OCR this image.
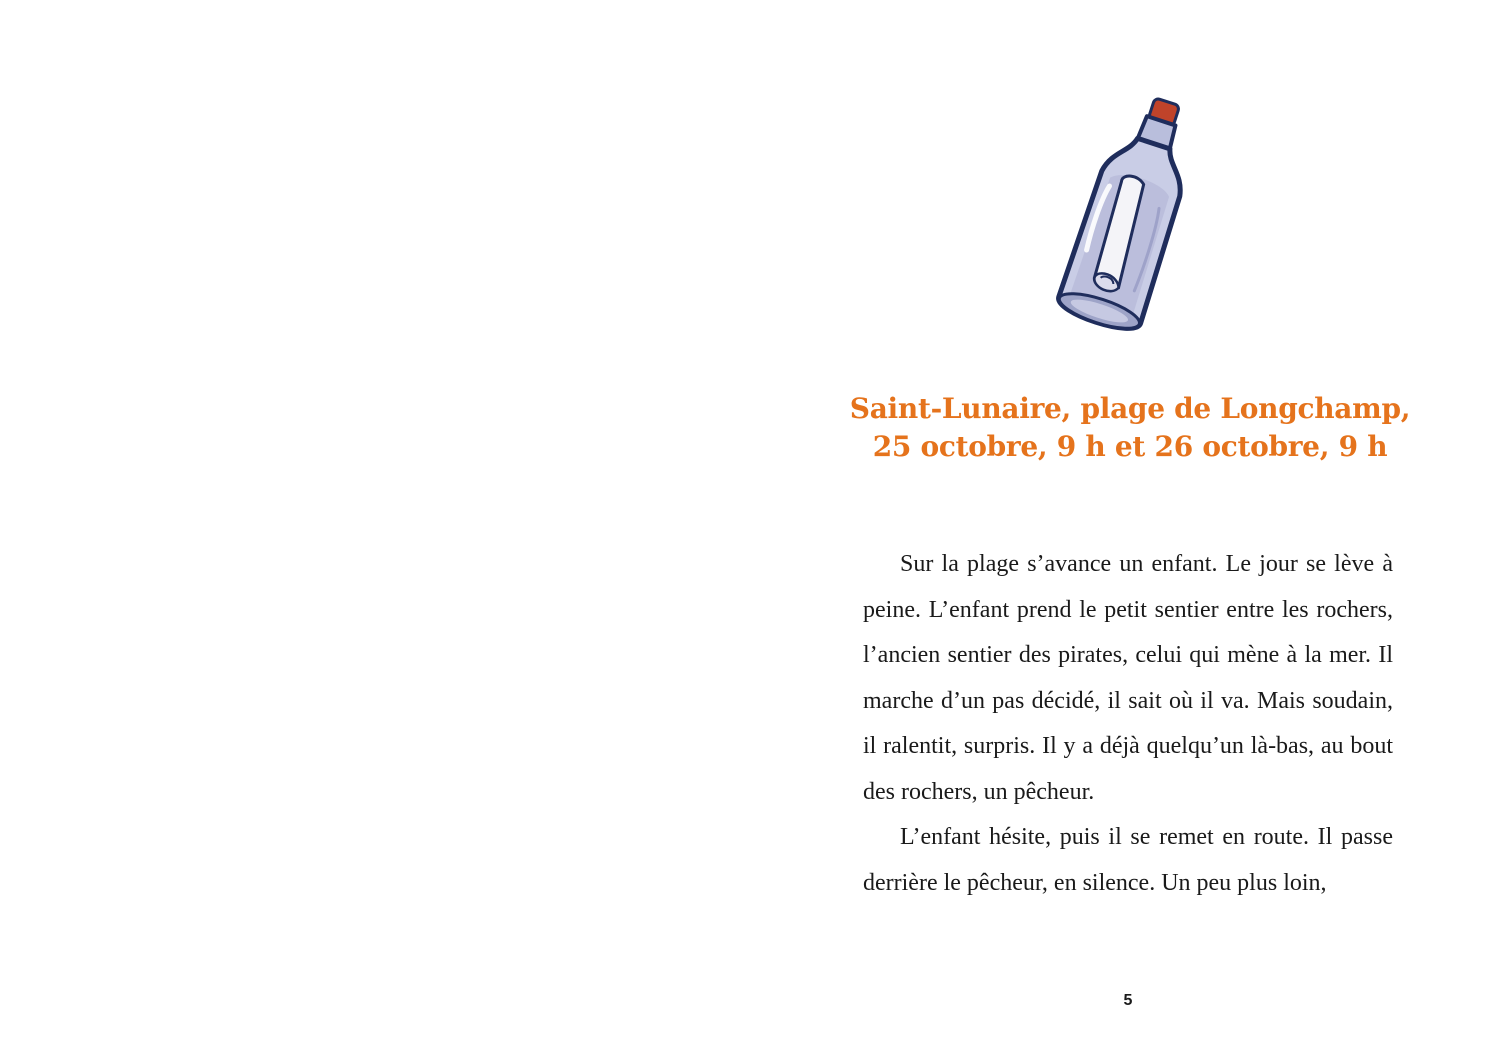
Saint-Lunaire, plage de Longchamp,
25 octobre, 9 h et 26 octobre, 9 h

Sur la plage s’avance un enfant. Le jour se lève à peine. L’enfant prend le petit sentier entre les rochers, l’ancien sentier des pirates, celui qui mène à la mer. Il marche d’un pas décidé, il sait où il va. Mais soudain, il ralentit, surpris. Il y a déjà quelqu’un là-bas, au bout des rochers, un pêcheur.

L’enfant hésite, puis il se remet en route. Il passe derrière le pêcheur, en silence. Un peu plus loin,

5
